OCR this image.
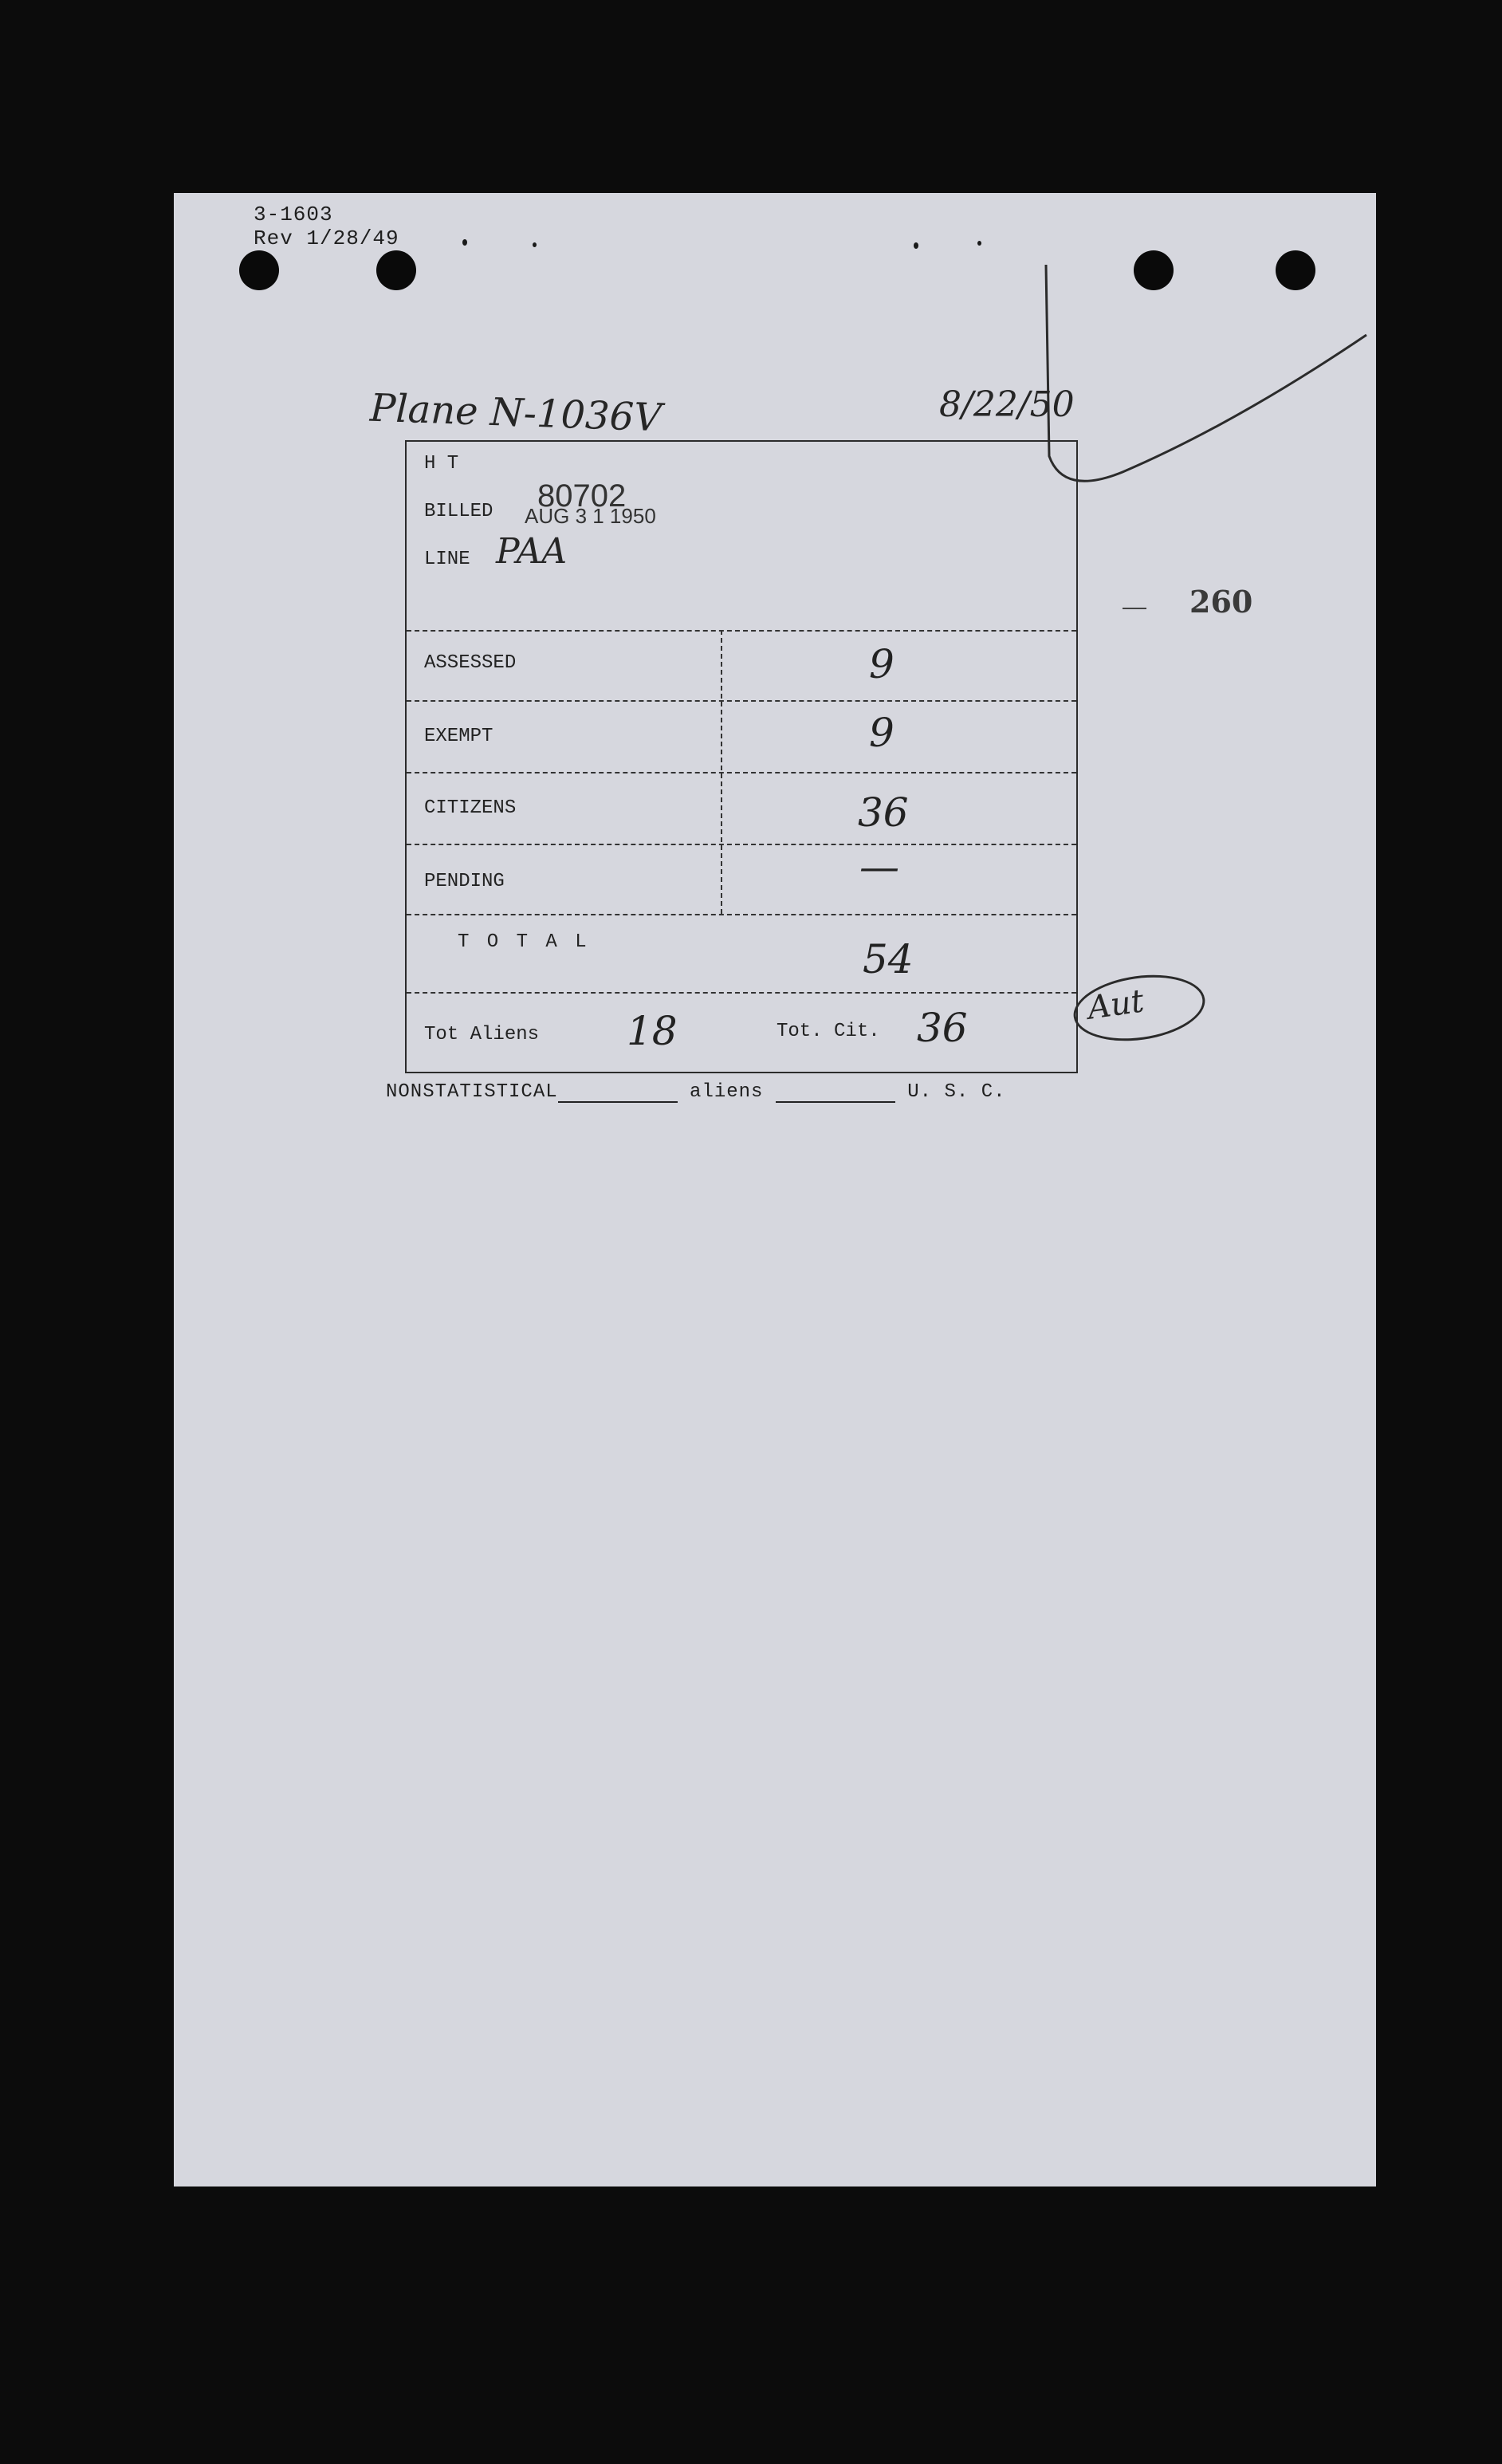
3-1603
Rev 1/28/49
Plane N-1036V	8/22/50
260
H T
BILLED 80702
AUG 3 1 1950
LINE PAA
ASSESSED	9
EXEMPT	9
CITIZENS	36
PENDING	—
T O T A L	54
Tot Aliens 18	Tot. Cit. 36	Aut
NONSTATISTICAL	aliens	U. S. C.
